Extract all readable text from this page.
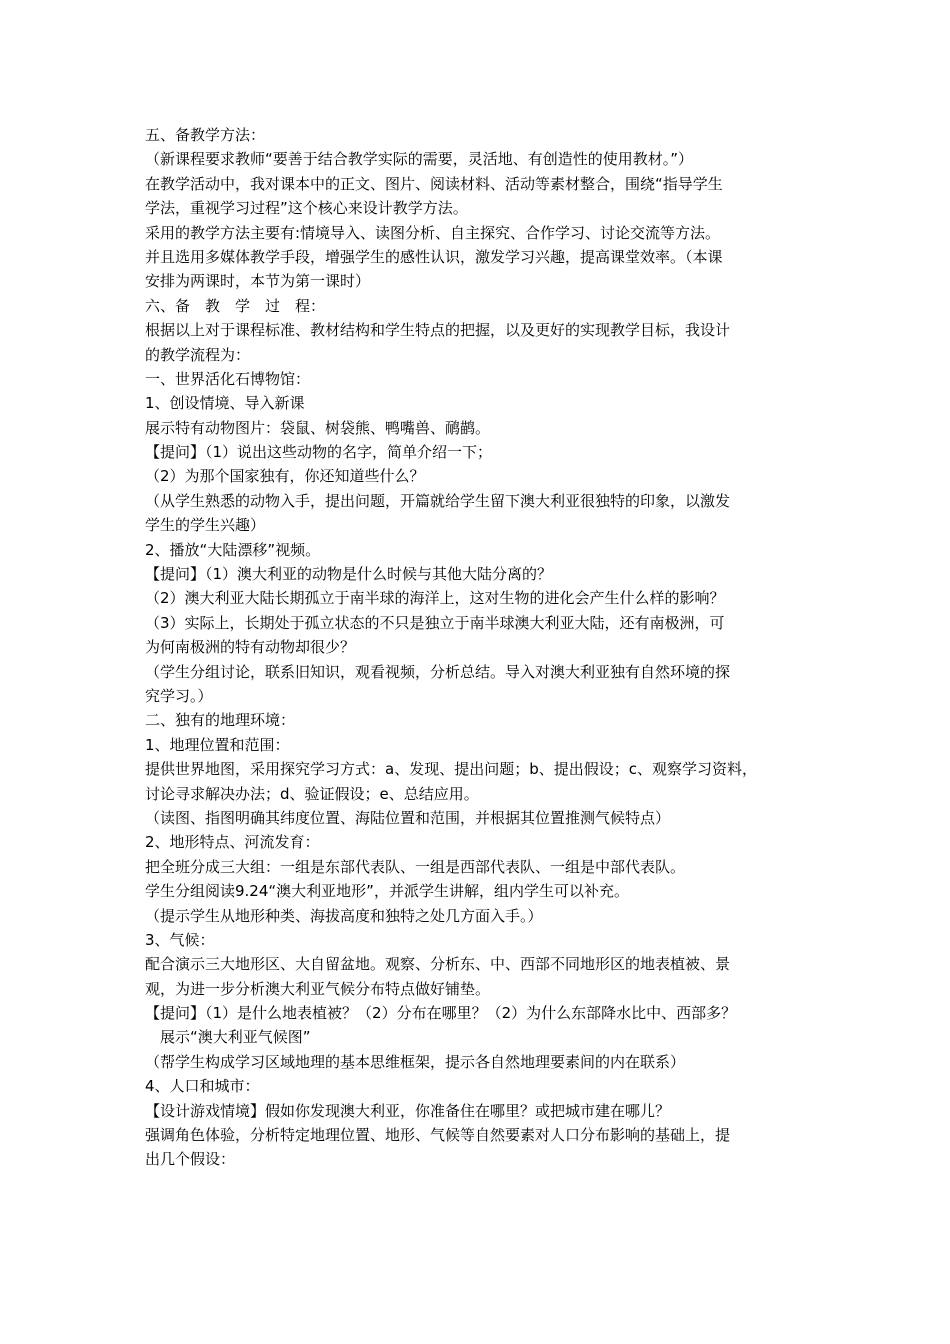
五、备教学方法：
（新课程要求教师“要善于结合教学实际的需要，灵活地、有创造性的使用教材。”）
在教学活动中，我对课本中的正文、图片、阅读材料、活动等素材整合，围绕“指导学生
学法，重视学习过程”这个核心来设计教学方法。
采用的教学方法主要有:情境导入、读图分析、自主探究、合作学习、讨论交流等方法。
并且选用多媒体教学手段，增强学生的感性认识，激发学习兴趣，提高课堂效率。（本课
安排为两课时，本节为第一课时）
六、备　教　学　过　程：
根据以上对于课程标准、教材结构和学生特点的把握，以及更好的实现教学目标，我设计
的教学流程为：
一、世界活化石博物馆：
1、创设情境、导入新课
展示特有动物图片：袋鼠、树袋熊、鸭嘴兽、鸸鹋。
【提问】（1）说出这些动物的名字，简单介绍一下；
（2）为那个国家独有，你还知道些什么？
（从学生熟悉的动物入手，提出问题，开篇就给学生留下澳大利亚很独特的印象，以激发
学生的学生兴趣）
2、播放“大陆漂移”视频。
【提问】（1）澳大利亚的动物是什么时候与其他大陆分离的？
（2）澳大利亚大陆长期孤立于南半球的海洋上，这对生物的进化会产生什么样的影响？
（3）实际上，长期处于孤立状态的不只是独立于南半球澳大利亚大陆，还有南极洲，可
为何南极洲的特有动物却很少？
（学生分组讨论，联系旧知识，观看视频，分析总结。导入对澳大利亚独有自然环境的探
究学习。）
二、独有的地理环境：
1、地理位置和范围：
提供世界地图，采用探究学习方式：a、发现、提出问题；b、提出假设；c、观察学习资料，
讨论寻求解决办法；d、验证假设；e、总结应用。
（读图、指图明确其纬度位置、海陆位置和范围，并根据其位置推测气候特点）
2、地形特点、河流发育：
把全班分成三大组：一组是东部代表队、一组是西部代表队、一组是中部代表队。
学生分组阅读9.24“澳大利亚地形”，并派学生讲解，组内学生可以补充。
（提示学生从地形种类、海拔高度和独特之处几方面入手。）
3、气候：
配合演示三大地形区、大自留盆地。观察、分析东、中、西部不同地形区的地表植被、景
观，为进一步分析澳大利亚气候分布特点做好铺垫。
【提问】（1）是什么地表植被？（2）分布在哪里？（2）为什么东部降水比中、西部多？
　展示“澳大利亚气候图”
（帮学生构成学习区域地理的基本思维框架，提示各自然地理要素间的内在联系）
4、人口和城市：
【设计游戏情境】假如你发现澳大利亚，你准备住在哪里？或把城市建在哪儿？
强调角色体验，分析特定地理位置、地形、气候等自然要素对人口分布影响的基础上，提
出几个假设：
